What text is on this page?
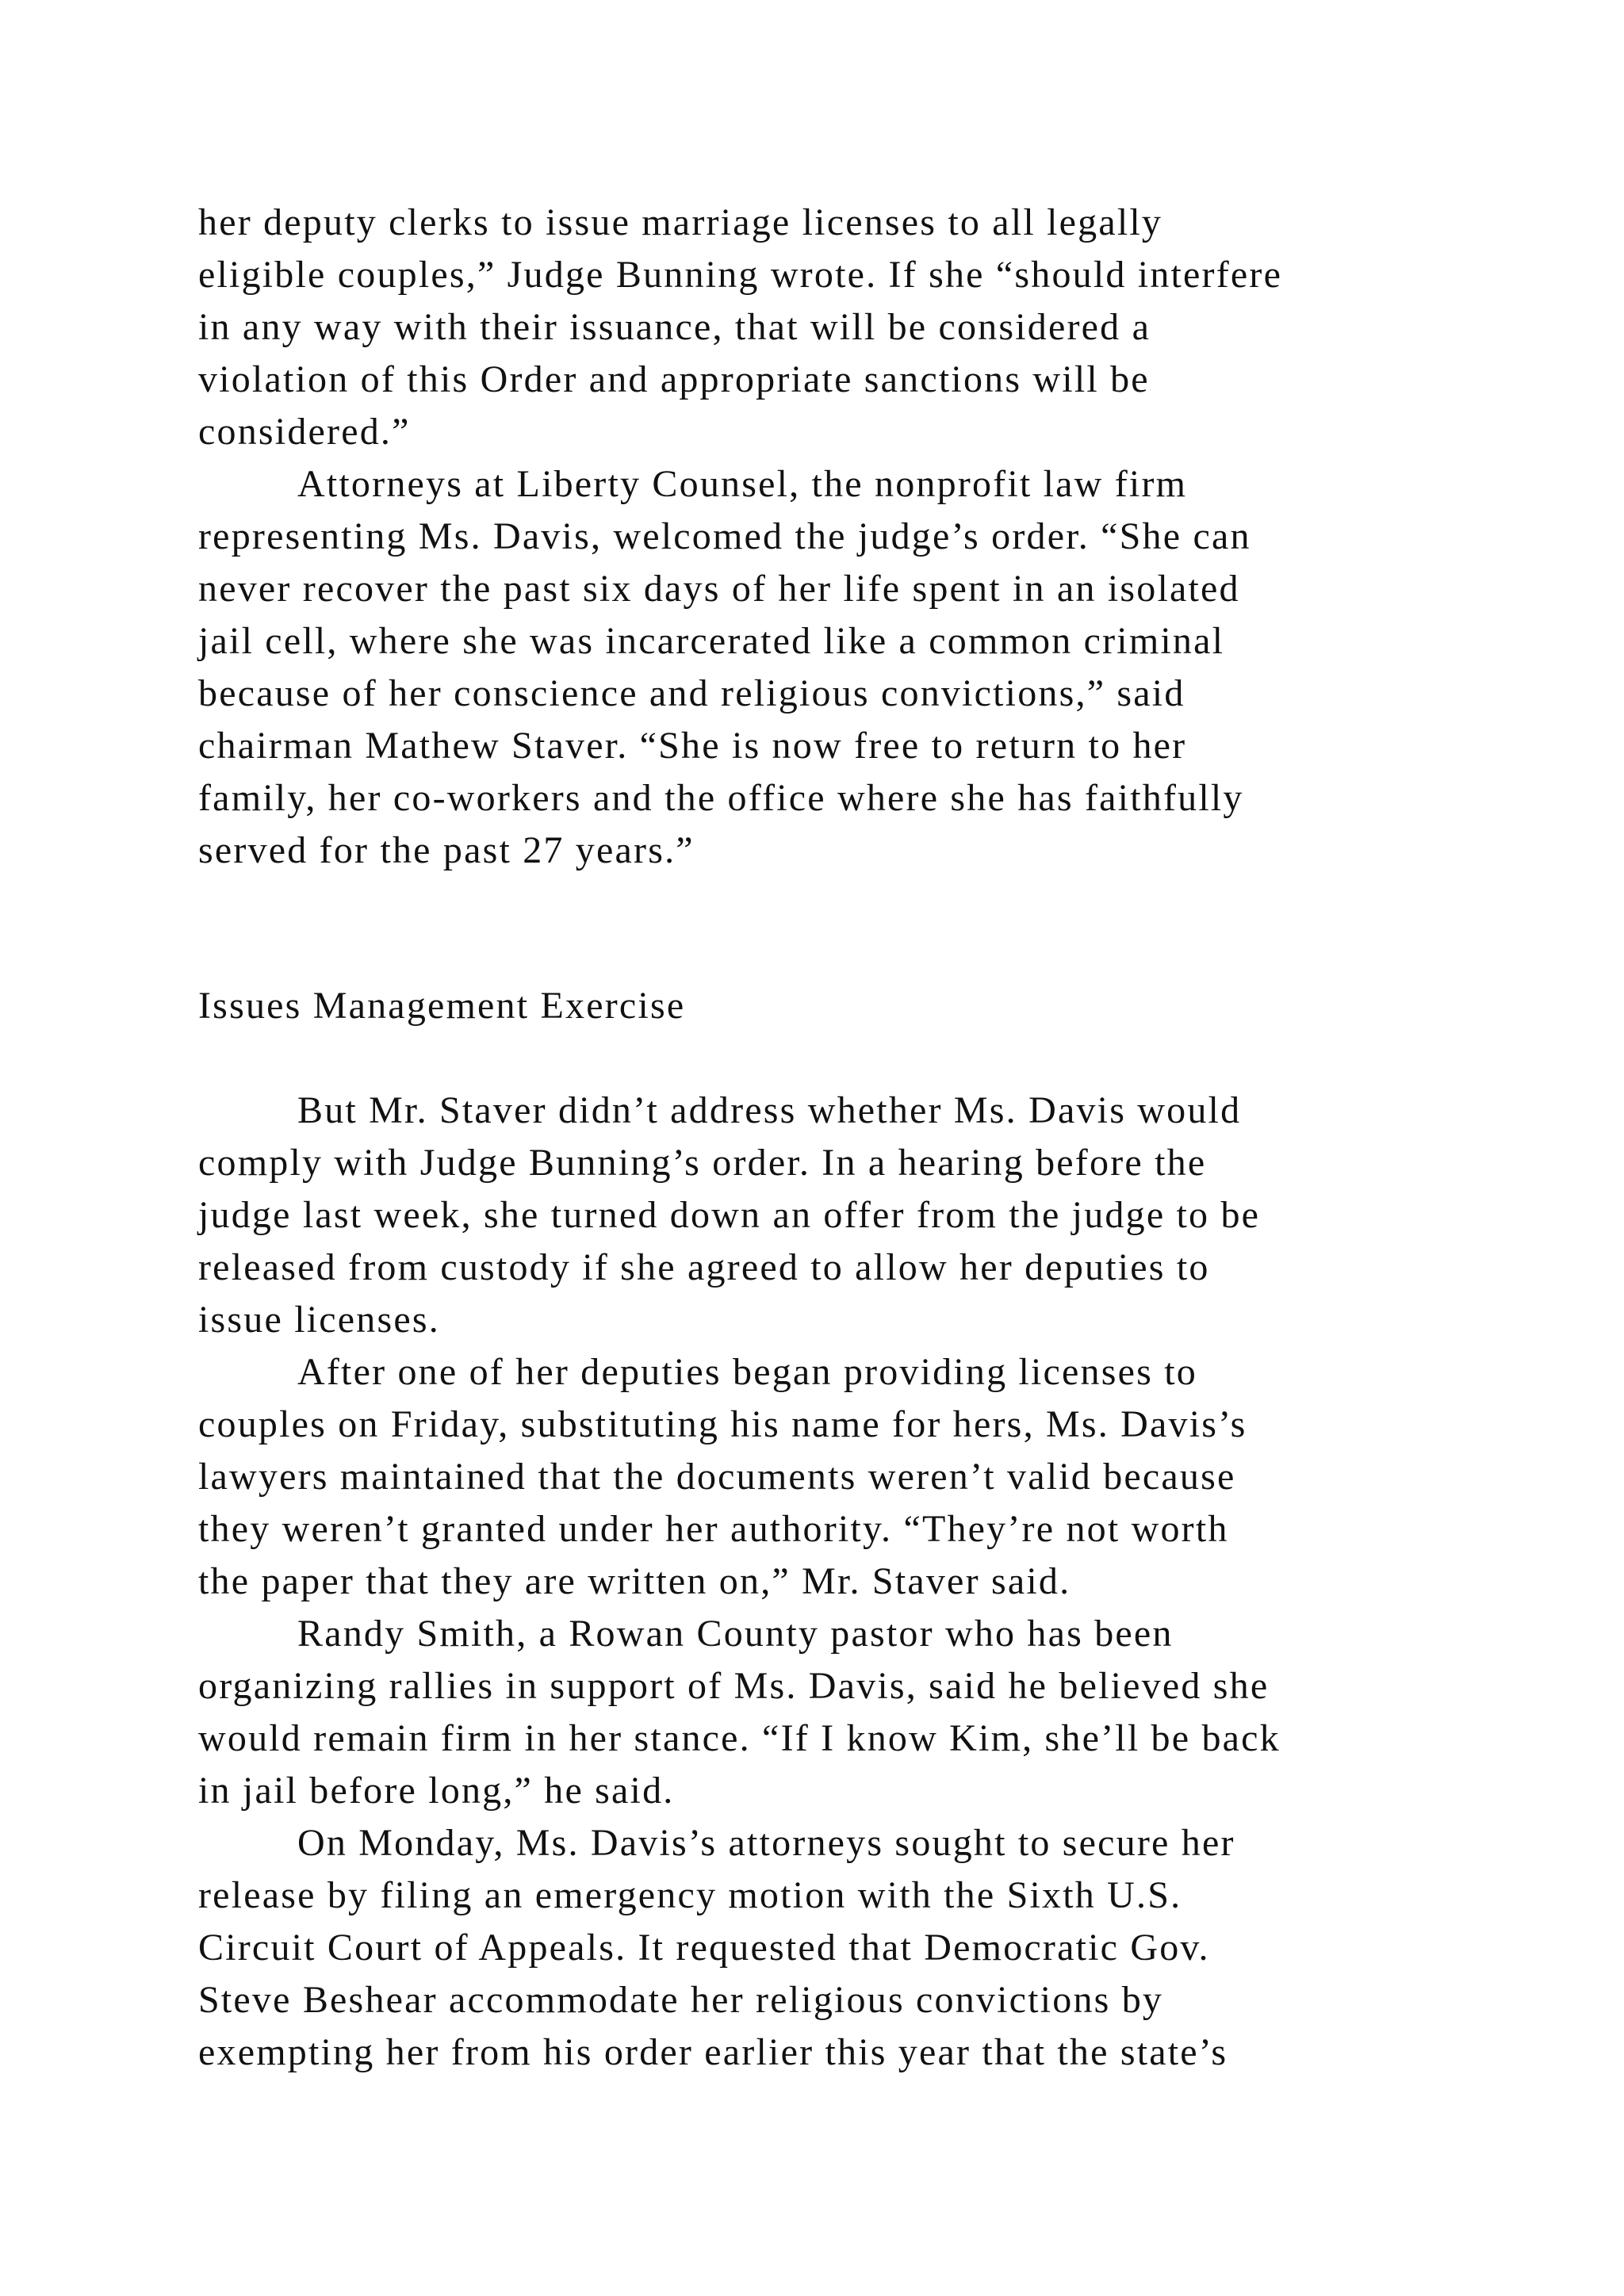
her deputy clerks to issue marriage licenses to all legally
eligible couples,” Judge Bunning wrote. If she “should interfere
in any way with their issuance, that will be considered a
violation of this Order and appropriate sanctions will be
considered.”
Attorneys at Liberty Counsel, the nonprofit law firm
representing Ms. Davis, welcomed the judge’s order. “She can
never recover the past six days of her life spent in an isolated
jail cell, where she was incarcerated like a common criminal
because of her conscience and religious convictions,” said
chairman Mathew Staver. “She is now free to return to her
family, her co-workers and the office where she has faithfully
served for the past 27 years.”
Issues Management Exercise
But Mr. Staver didn’t address whether Ms. Davis would
comply with Judge Bunning’s order. In a hearing before the
judge last week, she turned down an offer from the judge to be
released from custody if she agreed to allow her deputies to
issue licenses.
After one of her deputies began providing licenses to
couples on Friday, substituting his name for hers, Ms. Davis’s
lawyers maintained that the documents weren’t valid because
they weren’t granted under her authority. “They’re not worth
the paper that they are written on,” Mr. Staver said.
Randy Smith, a Rowan County pastor who has been
organizing rallies in support of Ms. Davis, said he believed she
would remain firm in her stance. “If I know Kim, she’ll be back
in jail before long,” he said.
On Monday, Ms. Davis’s attorneys sought to secure her
release by filing an emergency motion with the Sixth U.S.
Circuit Court of Appeals. It requested that Democratic Gov.
Steve Beshear accommodate her religious convictions by
exempting her from his order earlier this year that the state’s
